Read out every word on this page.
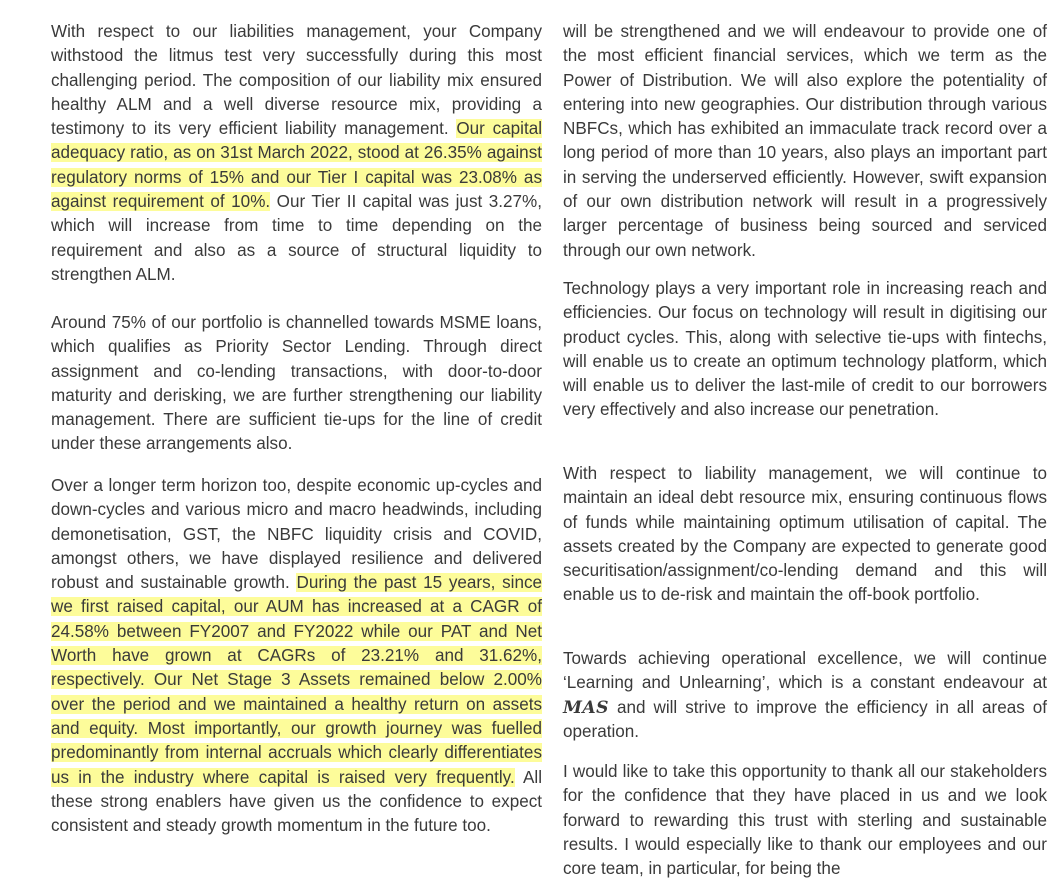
With respect to our liabilities management, your Company withstood the litmus test very successfully during this most challenging period. The composition of our liability mix ensured healthy ALM and a well diverse resource mix, providing a testimony to its very efficient liability management. Our capital adequacy ratio, as on 31st March 2022, stood at 26.35% against regulatory norms of 15% and our Tier I capital was 23.08% as against requirement of 10%. Our Tier II capital was just 3.27%, which will increase from time to time depending on the requirement and also as a source of structural liquidity to strengthen ALM.

Around 75% of our portfolio is channelled towards MSME loans, which qualifies as Priority Sector Lending. Through direct assignment and co-lending transactions, with door-to-door maturity and derisking, we are further strengthening our liability management. There are sufficient tie-ups for the line of credit under these arrangements also.

Over a longer term horizon too, despite economic up-cycles and down-cycles and various micro and macro headwinds, including demonetisation, GST, the NBFC liquidity crisis and COVID, amongst others, we have displayed resilience and delivered robust and sustainable growth. During the past 15 years, since we first raised capital, our AUM has increased at a CAGR of 24.58% between FY2007 and FY2022 while our PAT and Net Worth have grown at CAGRs of 23.21% and 31.62%, respectively. Our Net Stage 3 Assets remained below 2.00% over the period and we maintained a healthy return on assets and equity. Most importantly, our growth journey was fuelled predominantly from internal accruals which clearly differentiates us in the industry where capital is raised very frequently. All these strong enablers have given us the confidence to expect consistent and steady growth momentum in the future too.

will be strengthened and we will endeavour to provide one of the most efficient financial services, which we term as the Power of Distribution. We will also explore the potentiality of entering into new geographies. Our distribution through various NBFCs, which has exhibited an immaculate track record over a long period of more than 10 years, also plays an important part in serving the underserved efficiently. However, swift expansion of our own distribution network will result in a progressively larger percentage of business being sourced and serviced through our own network.

Technology plays a very important role in increasing reach and efficiencies. Our focus on technology will result in digitising our product cycles. This, along with selective tie-ups with fintechs, will enable us to create an optimum technology platform, which will enable us to deliver the last-mile of credit to our borrowers very effectively and also increase our penetration.

With respect to liability management, we will continue to maintain an ideal debt resource mix, ensuring continuous flows of funds while maintaining optimum utilisation of capital. The assets created by the Company are expected to generate good securitisation/assignment/co-lending demand and this will enable us to de-risk and maintain the off-book portfolio.

Towards achieving operational excellence, we will continue ‘Learning and Unlearning’, which is a constant endeavour at MAS and will strive to improve the efficiency in all areas of operation.

I would like to take this opportunity to thank all our stakeholders for the confidence that they have placed in us and we look forward to rewarding this trust with sterling and sustainable results. I would especially like to thank our employees and our core team, in particular, for being the
